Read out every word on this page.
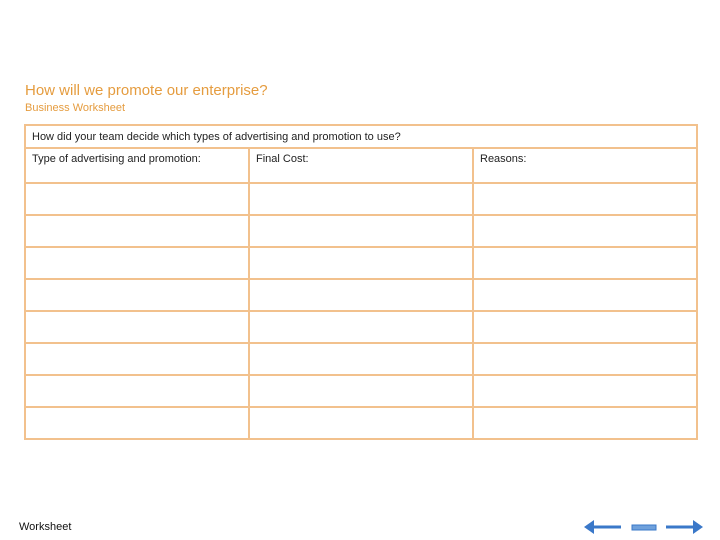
How will we promote our enterprise?
Business Worksheet
How did your team decide which types of advertising and promotion to use?		
Type of advertising and promotion:	Final Cost:	Reasons:

Worksheet
